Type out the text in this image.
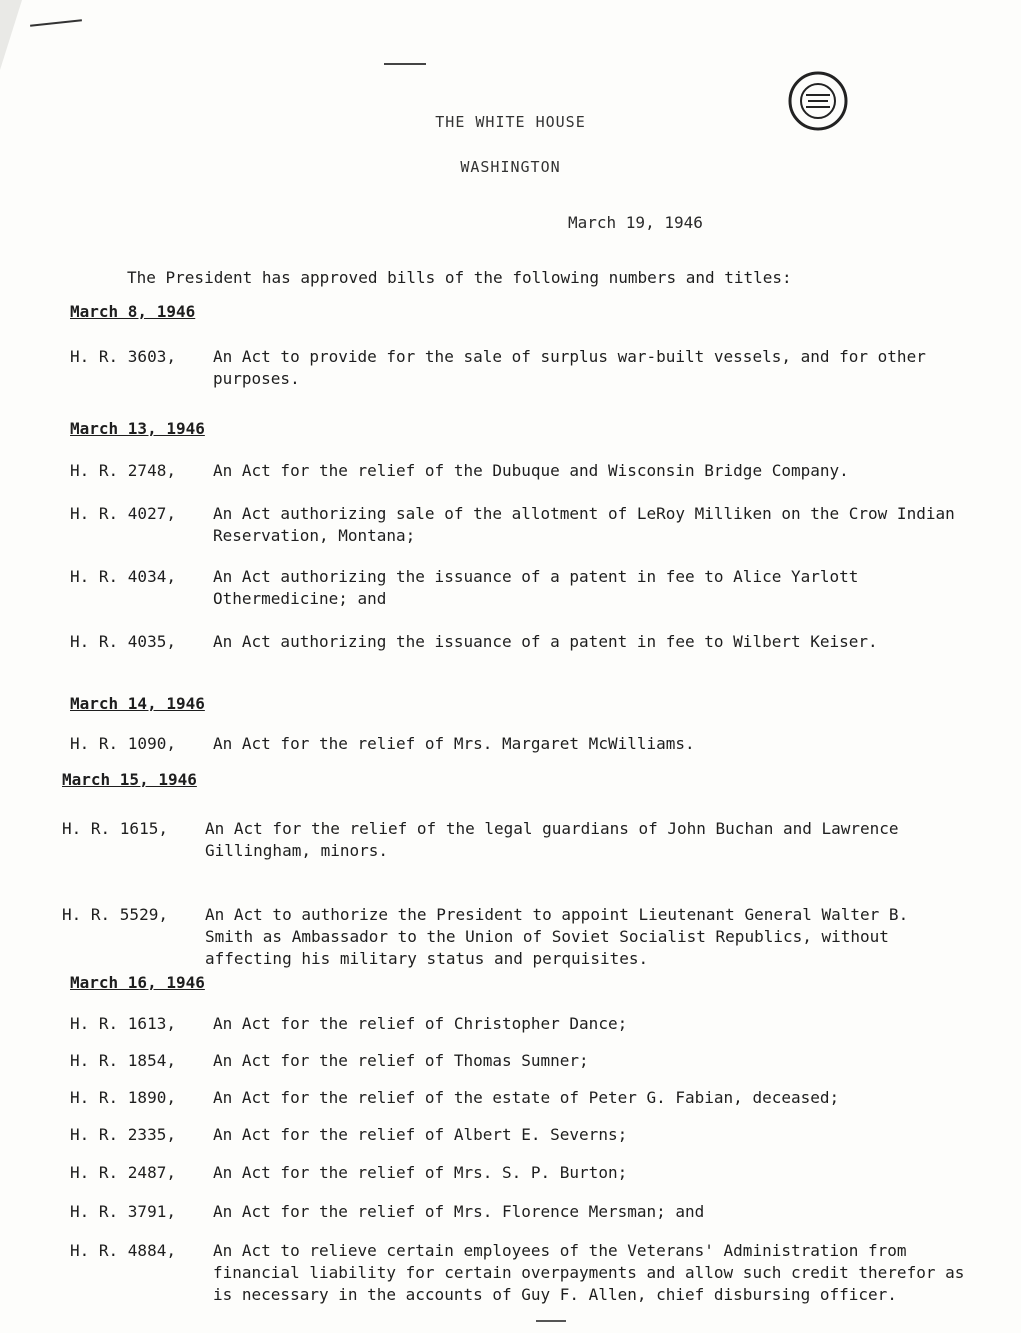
THE WHITE HOUSE
WASHINGTON
March 19, 1946
The President has approved bills of the following numbers and titles:
March 8, 1946
H. R. 3603, An Act to provide for the sale of surplus war-built vessels, and for other purposes.
March 13, 1946
H. R. 2748, An Act for the relief of the Dubuque and Wisconsin Bridge Company.
H. R. 4027, An Act authorizing sale of the allotment of LeRoy Milliken on the Crow Indian Reservation, Montana;
H. R. 4034, An Act authorizing the issuance of a patent in fee to Alice Yarlott Othermedicine; and
H. R. 4035, An Act authorizing the issuance of a patent in fee to Wilbert Keiser.
March 14, 1946
H. R. 1090, An Act for the relief of Mrs. Margaret McWilliams.
March 15, 1946
H. R. 1615, An Act for the relief of the legal guardians of John Buchan and Lawrence Gillingham, minors.
H. R. 5529, An Act to authorize the President to appoint Lieutenant General Walter B. Smith as Ambassador to the Union of Soviet Socialist Republics, without affecting his military status and perquisites.
March 16, 1946
H. R. 1613, An Act for the relief of Christopher Dance;
H. R. 1854, An Act for the relief of Thomas Sumner;
H. R. 1890, An Act for the relief of the estate of Peter G. Fabian, deceased;
H. R. 2335, An Act for the relief of Albert E. Severns;
H. R. 2487, An Act for the relief of Mrs. S. P. Burton;
H. R. 3791, An Act for the relief of Mrs. Florence Mersman; and
H. R. 4884, An Act to relieve certain employees of the Veterans' Administration from financial liability for certain overpayments and allow such credit therefor as is necessary in the accounts of Guy F. Allen, chief disbursing officer.
